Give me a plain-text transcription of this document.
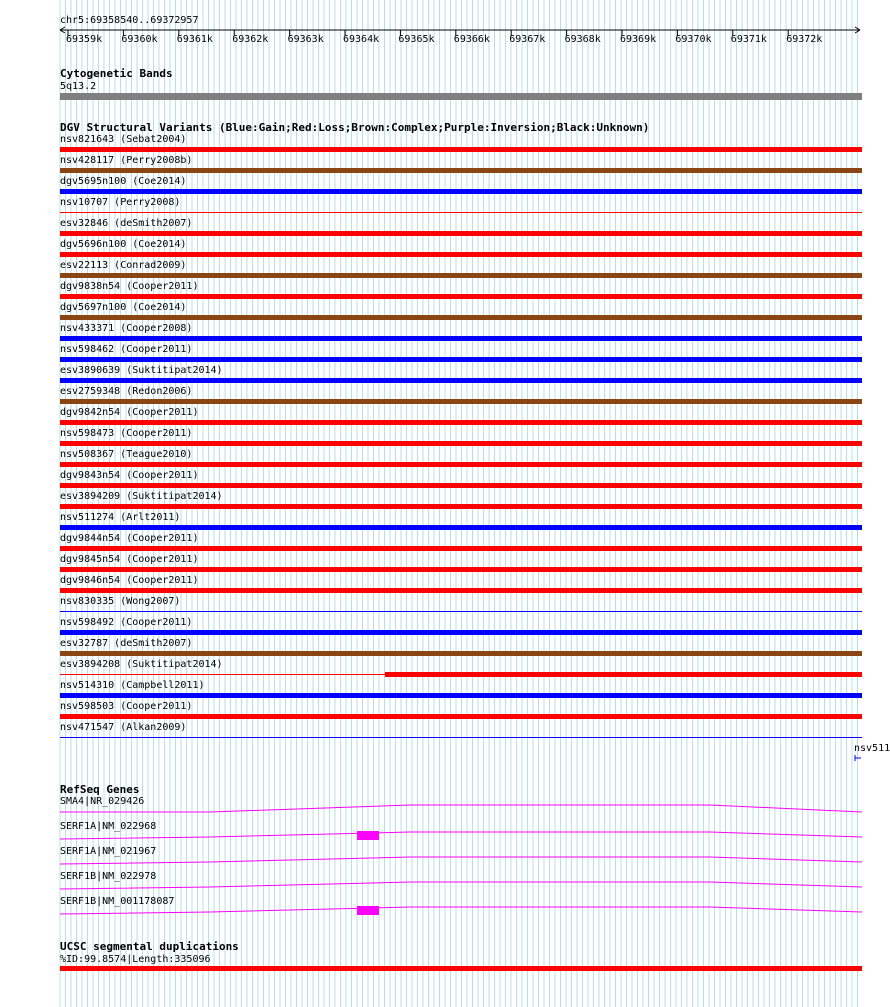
chr5:69358540..69372957
69359k 69360k 69361k 69362k 69363k 69364k 69365k 69366k 69367k 69368k 69369k 69370k 69371k 69372k
Cytogenetic Bands
5q13.2
DGV Structural Variants (Blue:Gain;Red:Loss;Brown:Complex;Purple:Inversion;Black:Unknown)
nsv821643 (Sebat2004)
nsv428117 (Perry2008b)
dgv5695n100 (Coe2014)
nsv10707 (Perry2008)
esv32846 (deSmith2007)
dgv5696n100 (Coe2014)
esv22113 (Conrad2009)
dgv9838n54 (Cooper2011)
dgv5697n100 (Coe2014)
nsv433371 (Cooper2008)
nsv598462 (Cooper2011)
esv3890639 (Suktitipat2014)
esv2759348 (Redon2006)
dgv9842n54 (Cooper2011)
nsv598473 (Cooper2011)
nsv508367 (Teague2010)
dgv9843n54 (Cooper2011)
esv3894209 (Suktitipat2014)
nsv511274 (Arlt2011)
dgv9844n54 (Cooper2011)
dgv9845n54 (Cooper2011)
dgv9846n54 (Cooper2011)
nsv830335 (Wong2007)
nsv598492 (Cooper2011)
esv32787 (deSmith2007)
esv3894208 (Suktitipat2014)
nsv514310 (Campbell2011)
nsv598503 (Cooper2011)
nsv471547 (Alkan2009)
nsv511
RefSeq Genes
SMA4|NR_029426
SERF1A|NM_022968
SERF1A|NM_021967
SERF1B|NM_022978
SERF1B|NM_001178087
UCSC segmental duplications
%ID:99.8574|Length:335096
